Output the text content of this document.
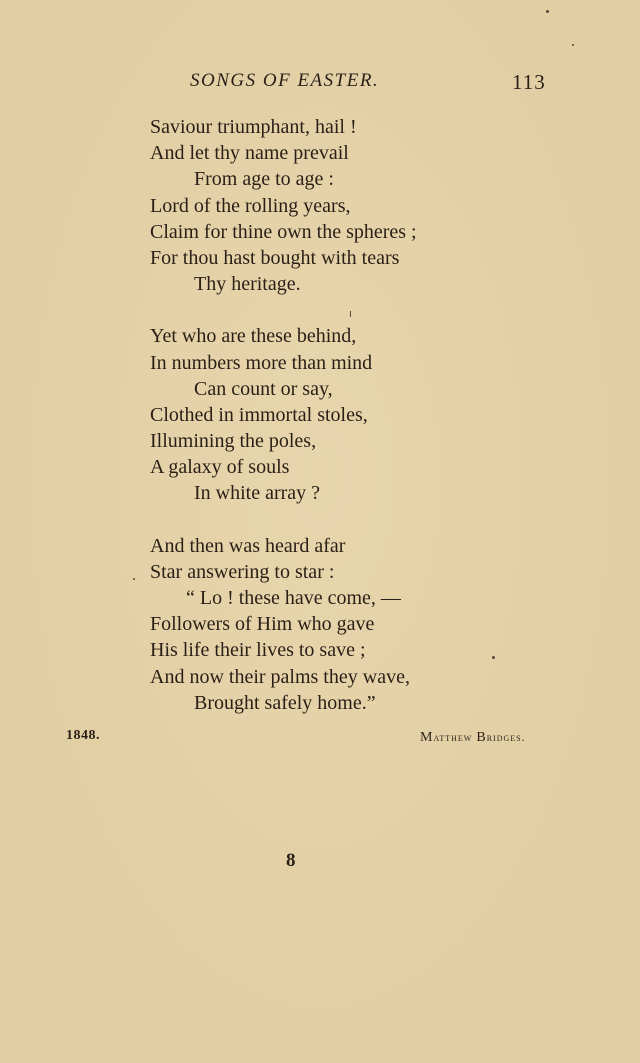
SONGS OF EASTER.	113
Saviour triumphant, hail !
And let thy name prevail
From age to age :
Lord of the rolling years,
Claim for thine own the spheres ;
For thou hast bought with tears
Thy heritage.
Yet who are these behind,
In numbers more than mind
Can count or say,
Clothed in immortal stoles,
Illumining the poles,
A galaxy of souls
In white array ?
And then was heard afar
Star answering to star :
“ Lo ! these have come, —
Followers of Him who gave
His life their lives to save ;
And now their palms they wave,
Brought safely home.”
1848.	Matthew Bridges.
8
